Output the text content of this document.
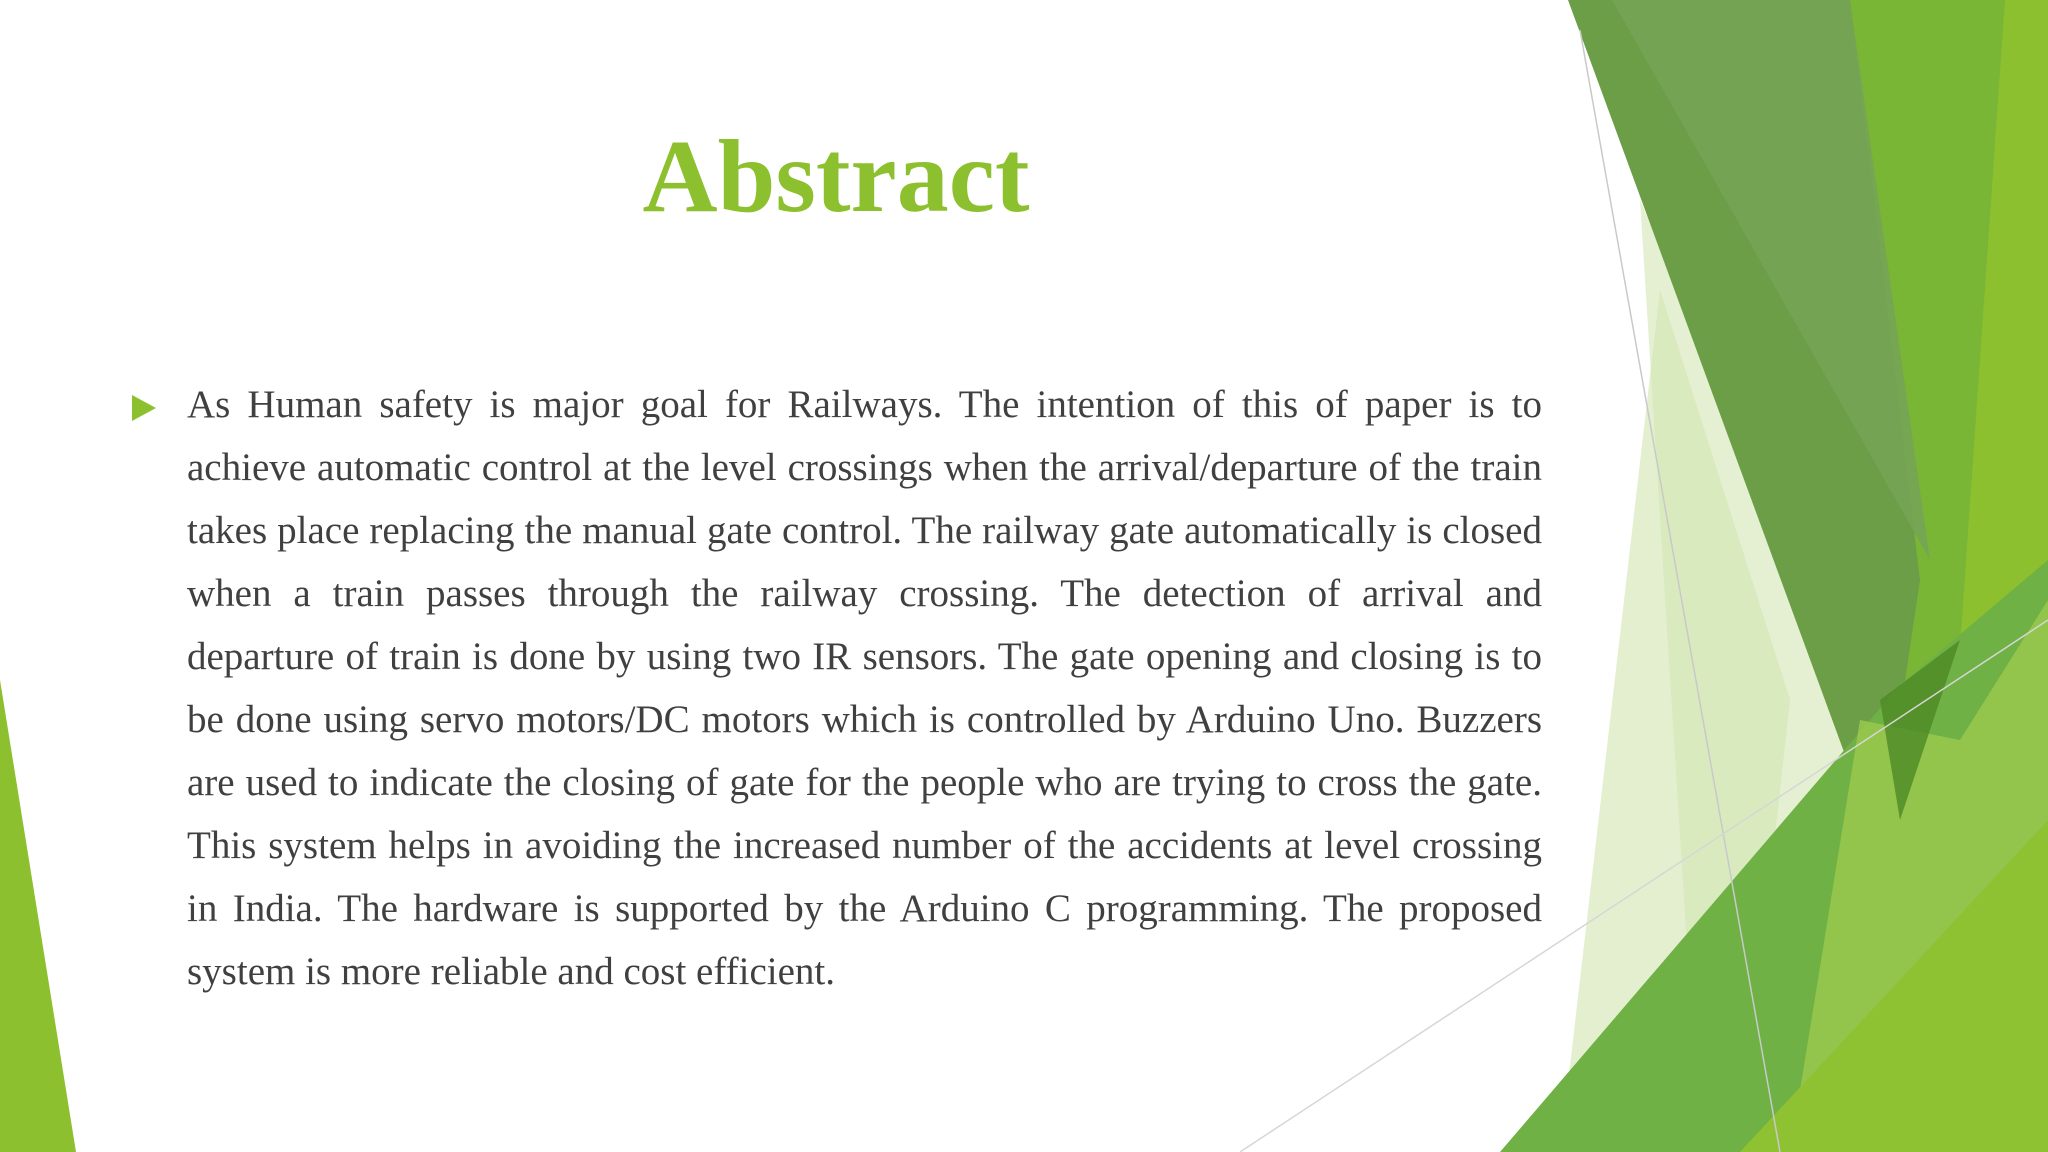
Abstract

As Human safety is major goal for Railways. The intention of this of paper is to achieve automatic control at the level crossings when the arrival/departure of the train takes place replacing the manual gate control. The railway gate automatically is closed when a train passes through the railway crossing. The detection of arrival and departure of train is done by using two IR sensors. The gate opening and closing is to be done using servo motors/DC motors which is controlled by Arduino Uno. Buzzers are used to indicate the closing of gate for the people who are trying to cross the gate. This system helps in avoiding the increased number of the accidents at level crossing in India. The hardware is supported by the Arduino C programming. The proposed system is more reliable and cost efficient.
